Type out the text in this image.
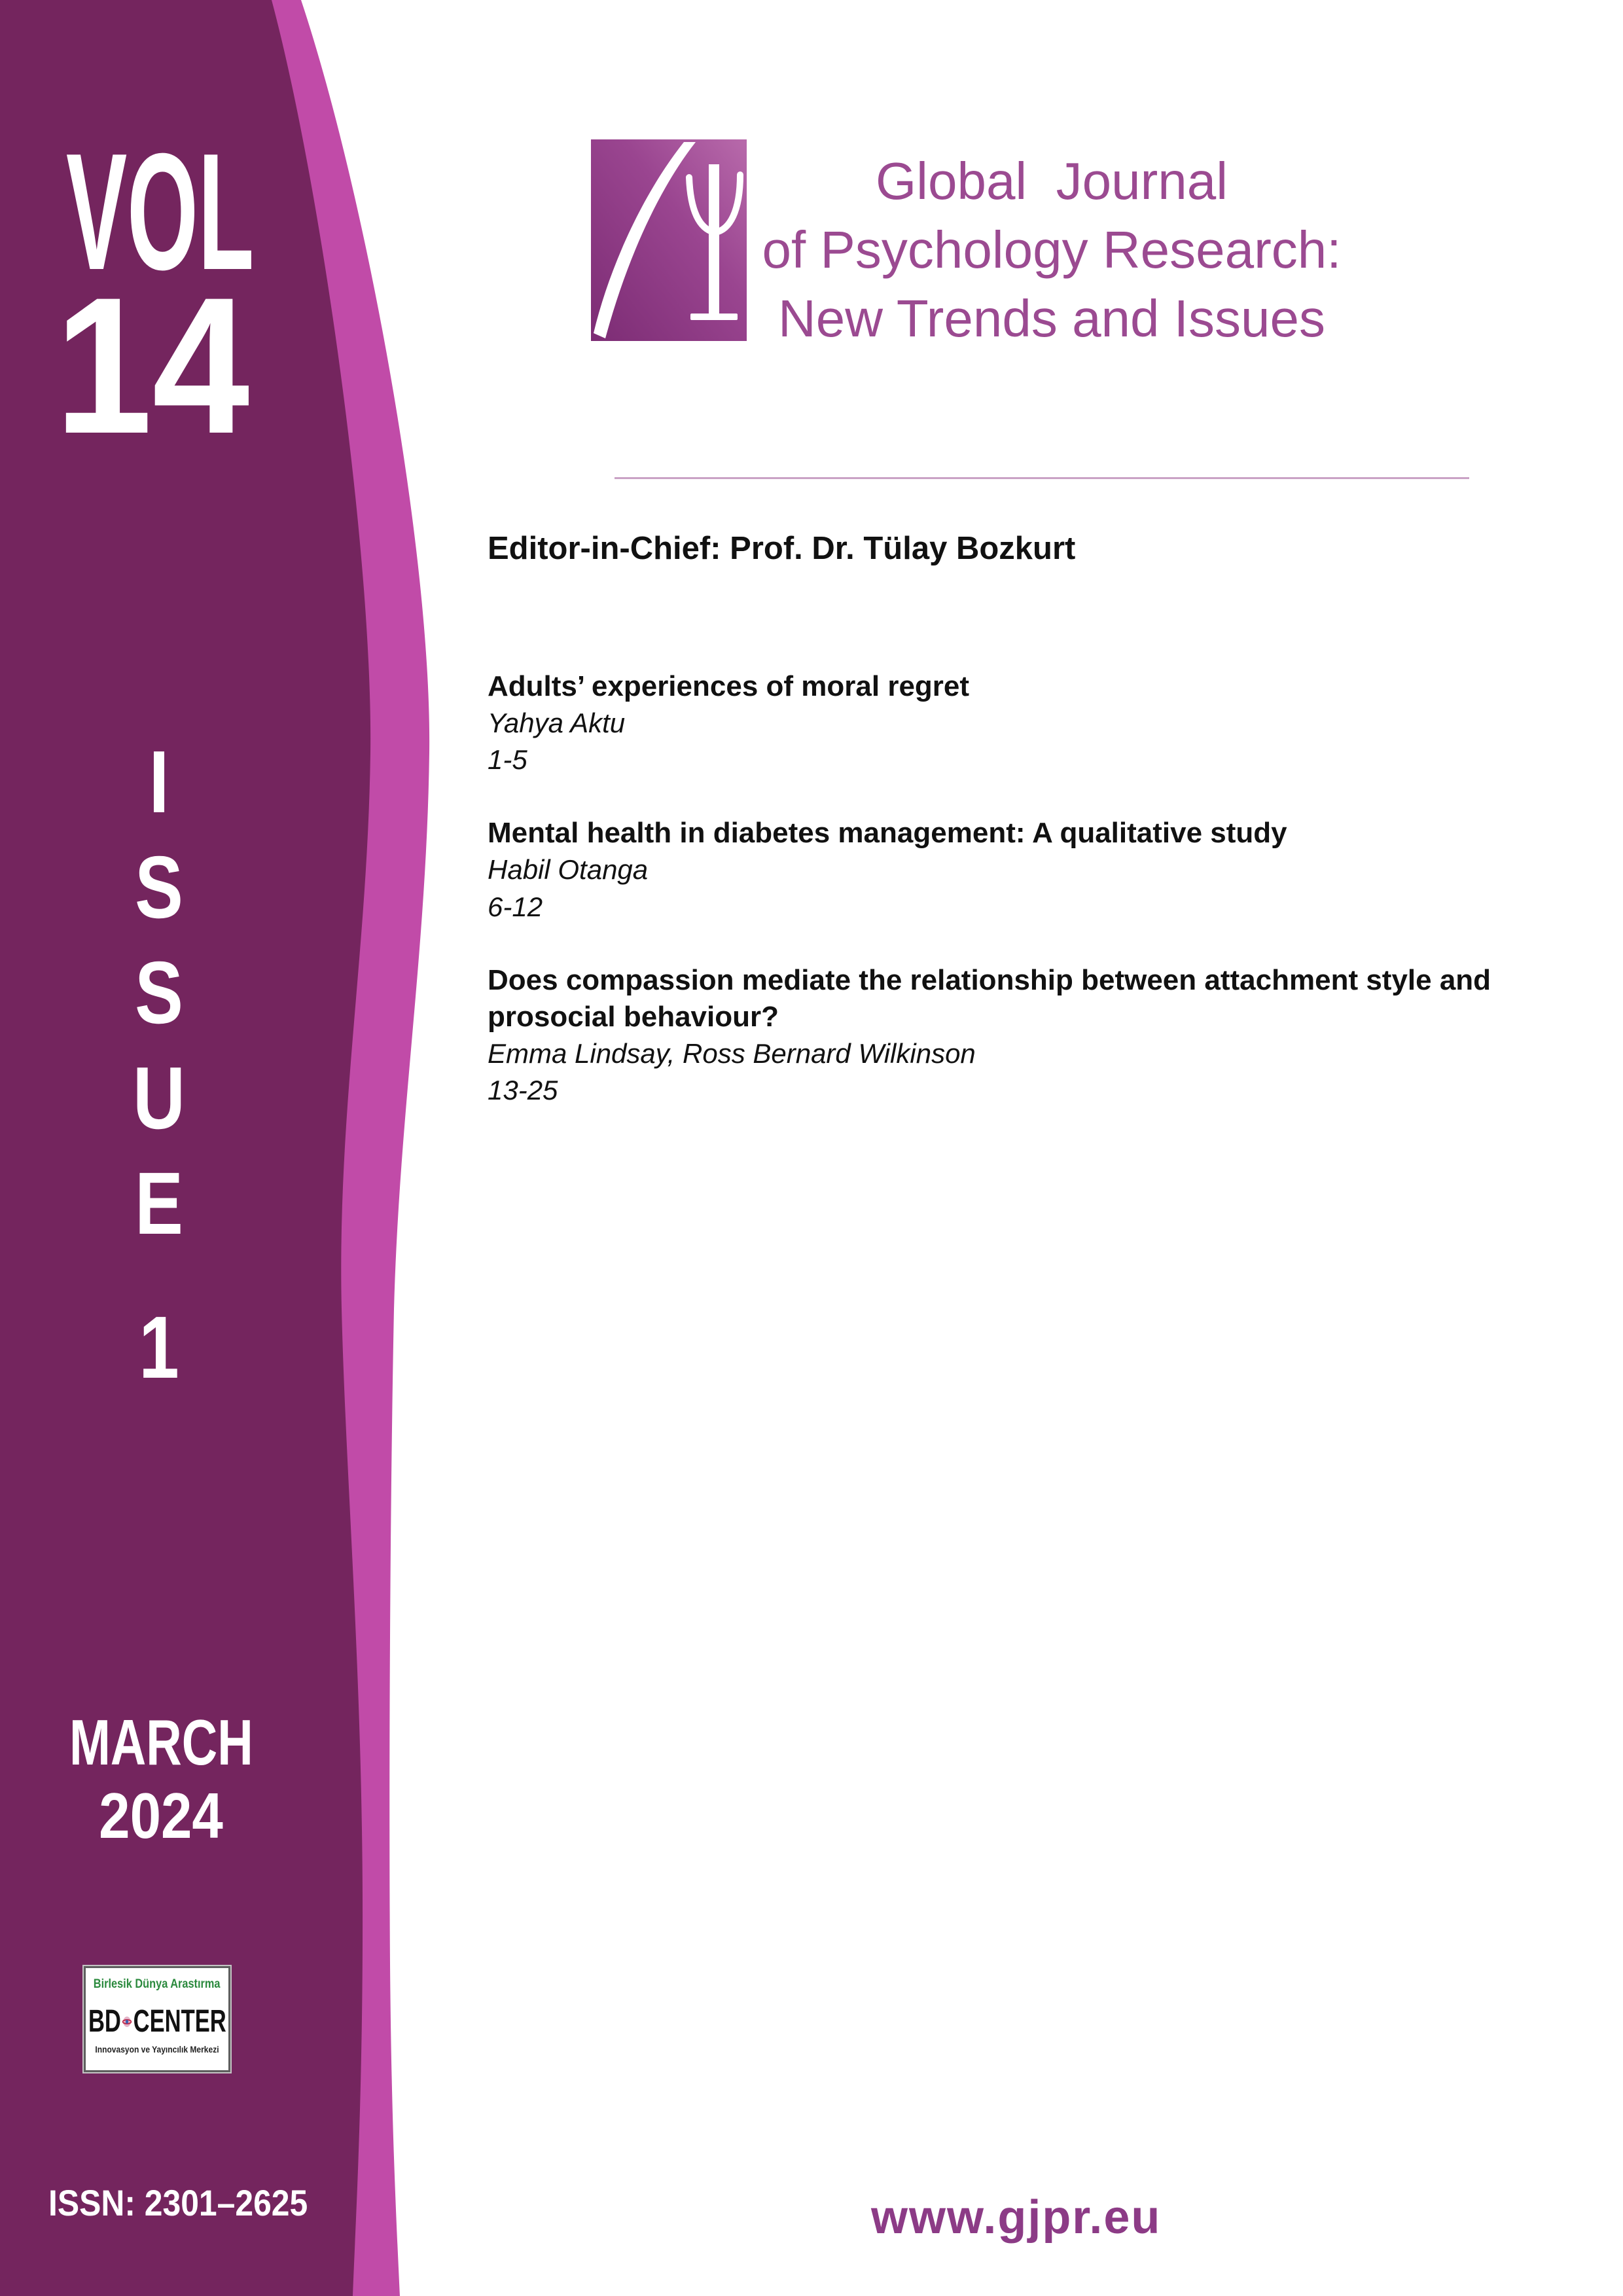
VOL
14
ISSUE
1
MARCH
2024
Birlesik Dünya Arastırma
BD CENTER
Innovasyon ve Yayıncılık Merkezi
ISSN: 2301–2625
Global  Journal
of Psychology Research:
New Trends and Issues
Editor-in-Chief: Prof. Dr. Tülay Bozkurt
Adults’ experiences of moral regret
Yahya Aktu
1-5
Mental health in diabetes management: A qualitative study
Habil Otanga
6-12
Does compassion mediate the relationship between attachment style and prosocial behaviour?
Emma Lindsay, Ross Bernard Wilkinson
13-25
www.gjpr.eu
